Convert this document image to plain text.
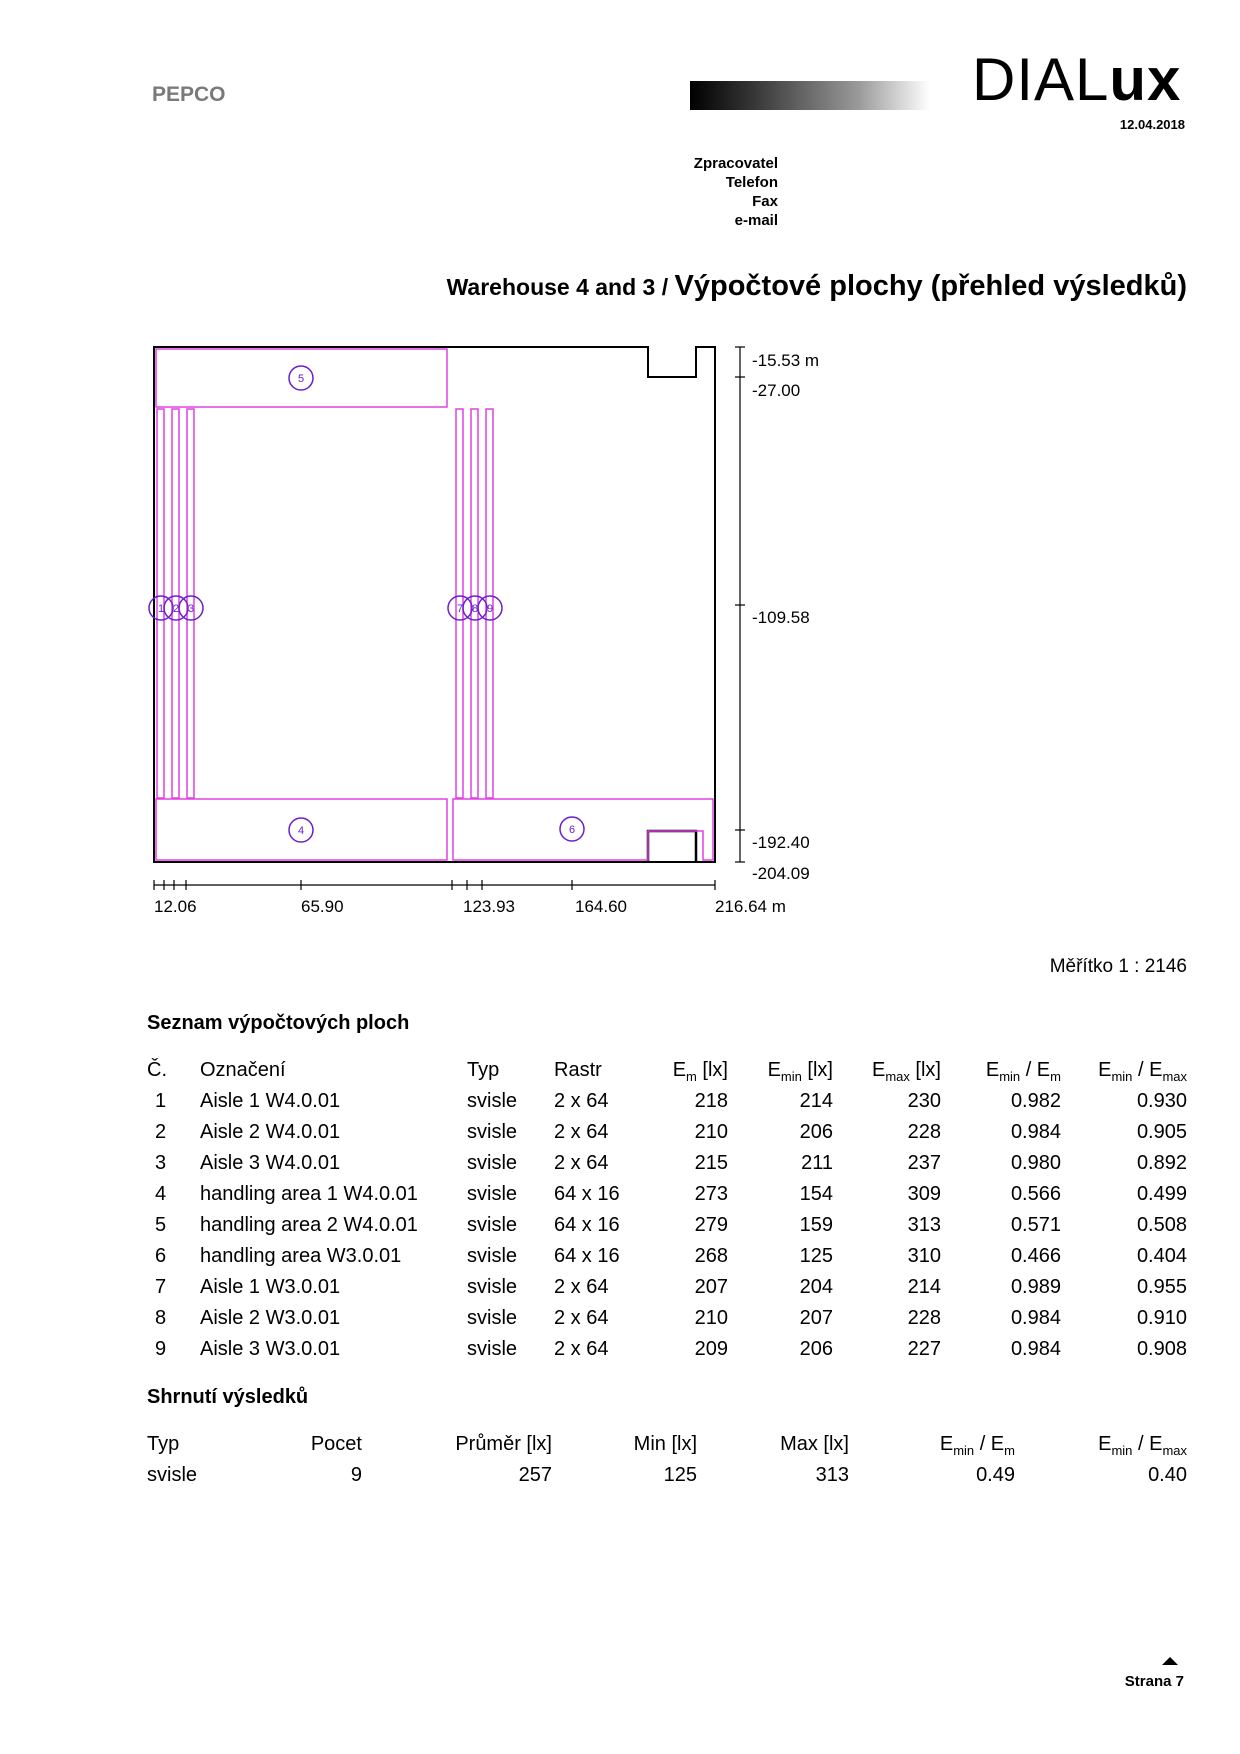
PEPCO	DIALux
12.04.2018
Zpracovatel
Telefon
Fax
e-mail
Warehouse 4 and 3 / Výpočtové plochy (přehled výsledků)
1 2 3
4
5
6
7 8 9
-15.53 m
-27.00
-109.58
-192.40
-204.09
12.06	65.90	123.93	164.60	216.64 m
Měřítko 1 : 2146
Seznam výpočtových ploch
Č.	Označení	Typ	Rastr	$E_m$ [lx]	$E_{min}$ [lx]	$E_{max}$ [lx]	$E_{min} / E_m$	$E_{min} / E_{max}$
1	Aisle 1 W4.0.01	svisle	2 x 64	218	214	230	0.982	0.930
2	Aisle 2 W4.0.01	svisle	2 x 64	210	206	228	0.984	0.905
3	Aisle 3 W4.0.01	svisle	2 x 64	215	211	237	0.980	0.892
4	handling area 1 W4.0.01	svisle	64 x 16	273	154	309	0.566	0.499
5	handling area 2 W4.0.01	svisle	64 x 16	279	159	313	0.571	0.508
6	handling area W3.0.01	svisle	64 x 16	268	125	310	0.466	0.404
7	Aisle 1 W3.0.01	svisle	2 x 64	207	204	214	0.989	0.955
8	Aisle 2 W3.0.01	svisle	2 x 64	210	207	228	0.984	0.910
9	Aisle 3 W3.0.01	svisle	2 x 64	209	206	227	0.984	0.908
Shrnutí výsledků
Typ	Pocet	Průměr [lx]	Min [lx]	Max [lx]	$E_{min} / E_m$	$E_{min} / E_{max}$
svisle	9	257	125	313	0.49	0.40
Strana 7
